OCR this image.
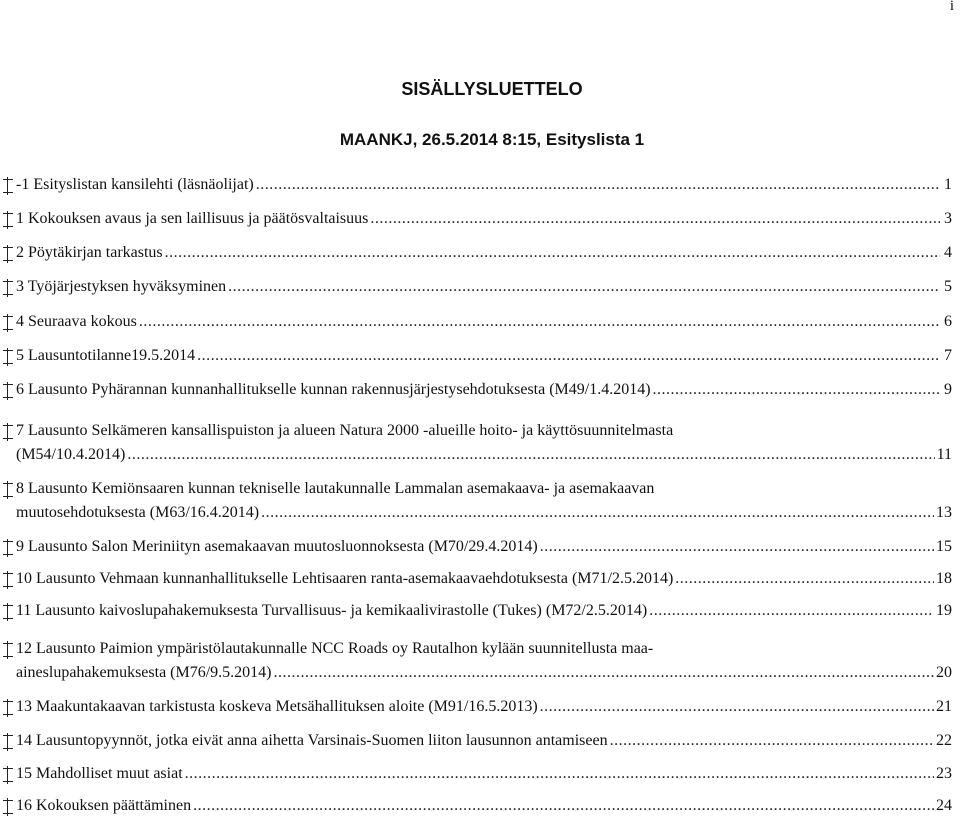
i
SISÄLLYSLUETTELO
MAANKJ, 26.5.2014 8:15, Esityslista 1
-1 Esityslistan kansilehti (läsnäolijat) .....	1
1 Kokouksen avaus ja sen laillisuus ja päätösvaltaisuus .....	3
2 Pöytäkirjan tarkastus .....	4
3 Työjärjestyksen hyväksyminen .....	5
4 Seuraava kokous .....	6
5 Lausuntotilanne19.5.2014 .....	7
6 Lausunto Pyhärannan kunnanhallitukselle kunnan rakennusjärjestysehdotuksesta (M49/1.4.2014) .....	9
7 Lausunto Selkämeren kansallispuiston ja alueen Natura 2000 -alueille hoito- ja käyttösuunnitelmasta
(M54/10.4.2014) .....	11
8 Lausunto Kemiönsaaren kunnan tekniselle lautakunnalle Lammalan asemakaava- ja asemakaavan
muutosehdotuksesta (M63/16.4.2014) .....	13
9 Lausunto Salon Meriniityn asemakaavan muutosluonnoksesta (M70/29.4.2014) .....	15
10 Lausunto Vehmaan kunnanhallitukselle Lehtisaaren ranta-asemakaavaehdotuksesta (M71/2.5.2014) .....	18
11 Lausunto kaivoslupahakemuksesta Turvallisuus- ja kemikaalivirastolle (Tukes) (M72/2.5.2014) .....	19
12 Lausunto Paimion ympäristölautakunnalle NCC Roads oy Rautalhon kylään suunnitellusta maa-
aineslupahakemuksesta (M76/9.5.2014) .....	20
13 Maakuntakaavan tarkistusta koskeva Metsähallituksen aloite (M91/16.5.2013) .....	21
14 Lausuntopyynnöt, jotka eivät anna aihetta Varsinais-Suomen liiton lausunnon antamiseen .....	22
15 Mahdolliset muut asiat .....	23
16 Kokouksen päättäminen .....	24
